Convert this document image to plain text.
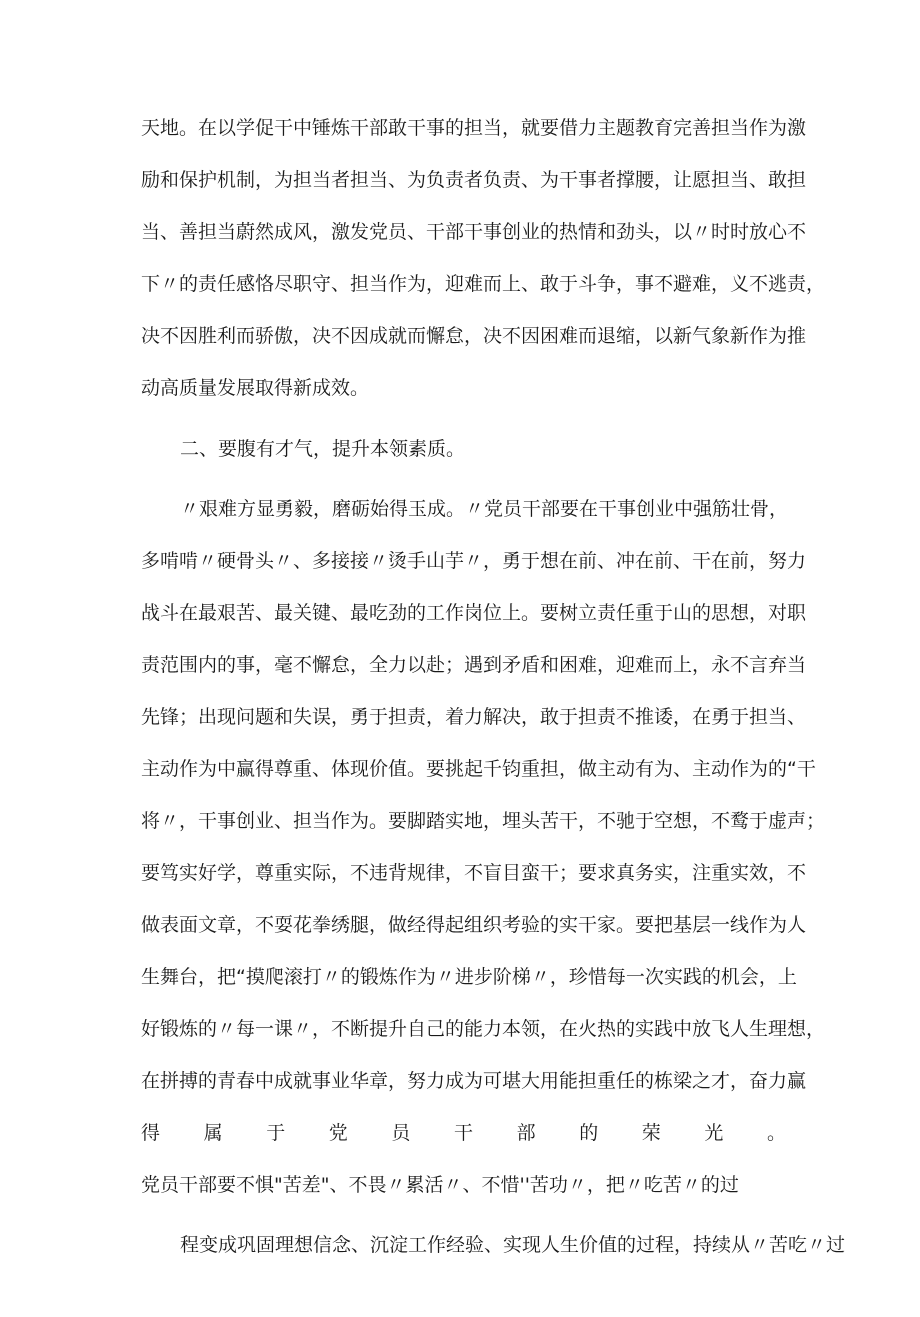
天地。在以学促干中锤炼干部敢干事的担当，就要借力主题教育完善担当作为激
励和保护机制，为担当者担当、为负责者负责、为干事者撑腰，让愿担当、敢担
当、善担当蔚然成风，激发党员、干部干事创业的热情和劲头，以〃时时放心不
下〃的责任感恪尽职守、担当作为，迎难而上、敢于斗争，事不避难，义不逃责，
决不因胜利而骄傲，决不因成就而懈怠，决不因困难而退缩，以新气象新作为推
动高质量发展取得新成效。
二、要腹有才气，提升本领素质。
〃艰难方显勇毅，磨砺始得玉成。〃党员干部要在干事创业中强筋壮骨，
多啃啃〃硬骨头〃、多接接〃烫手山芋〃，勇于想在前、冲在前、干在前，努力
战斗在最艰苦、最关键、最吃劲的工作岗位上。要树立责任重于山的思想，对职
责范围内的事，毫不懈怠，全力以赴；遇到矛盾和困难，迎难而上，永不言弃当
先锋；出现问题和失误，勇于担责，着力解决，敢于担责不推诿，在勇于担当、
主动作为中赢得尊重、体现价值。要挑起千钧重担，做主动有为、主动作为的“干
将〃，干事创业、担当作为。要脚踏实地，埋头苦干，不驰于空想，不鹜于虚声；
要笃实好学，尊重实际，不违背规律，不盲目蛮干；要求真务实，注重实效，不
做表面文章，不耍花拳绣腿，做经得起组织考验的实干家。要把基层一线作为人
生舞台，把“摸爬滚打〃的锻炼作为〃进步阶梯〃，珍惜每一次实践的机会，上
好锻炼的〃每一课〃，不断提升自己的能力本领，在火热的实践中放飞人生理想，
在拼搏的青春中成就事业华章，努力成为可堪大用能担重任的栋梁之才，奋力赢
得属于党员干部的荣光。
党员干部要不惧"苦差"、不畏〃累活〃、不惜''苦功〃，把〃吃苦〃的过
程变成巩固理想信念、沉淀工作经验、实现人生价值的过程，持续从〃苦吃〃过
